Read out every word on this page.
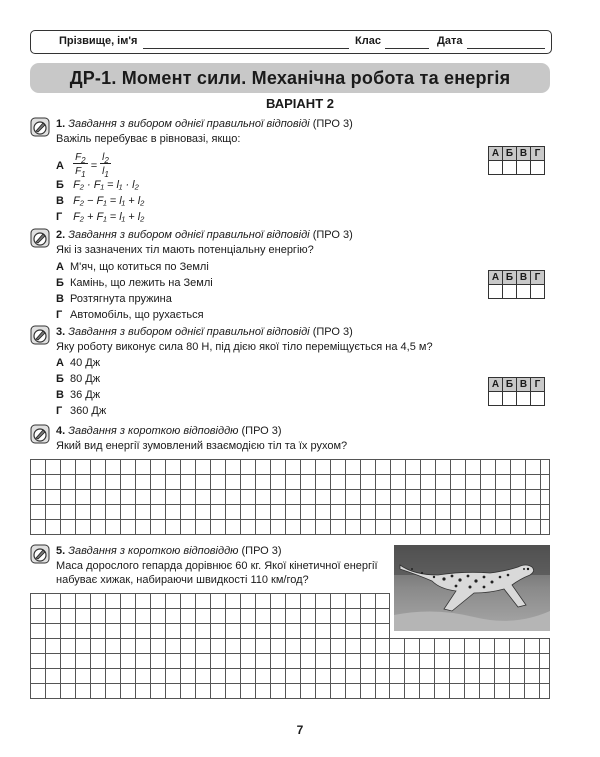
Прізвище, ім'я	Клас	Дата
ДР-1. Момент сили. Механічна робота та енергія
ВАРІАНТ 2
1. Завдання з вибором однієї правильної відповіді (ПРО 3)
Важіль перебуває в рівновазі, якщо:
А $F_2$
$F_1 = l_2$
$l_1$
Б F₂ · F₁ = l₁ · l₂
В F₂ − F₁ = l₁ + l₂
Г F₂ + F₁ = l₁ + l₂
А	Б	В	Г

2. Завдання з вибором однієї правильної відповіді (ПРО 3)
Які із зазначених тіл мають потенціальну енергію?
А М'яч, що котиться по Землі
Б Камінь, що лежить на Землі
В Розтягнута пружина
Г Автомобіль, що рухається
А	Б	В	Г

3. Завдання з вибором однієї правильної відповіді (ПРО 3)
Яку роботу виконує сила 80 Н, під дією якої тіло переміщується на 4,5 м?
А 40 Дж
Б 80 Дж
В 36 Дж
Г 360 Дж
А	Б	В	Г

4. Завдання з короткою відповіддю (ПРО 3)
Який вид енергії зумовлений взаємодією тіл та їх рухом?
5. Завдання з короткою відповіддю (ПРО 3)
Маса дорослого гепарда дорівнює 60 кг. Якої кінетичної енергії
набуває хижак, набираючи швидкості 110 км/год?
7
